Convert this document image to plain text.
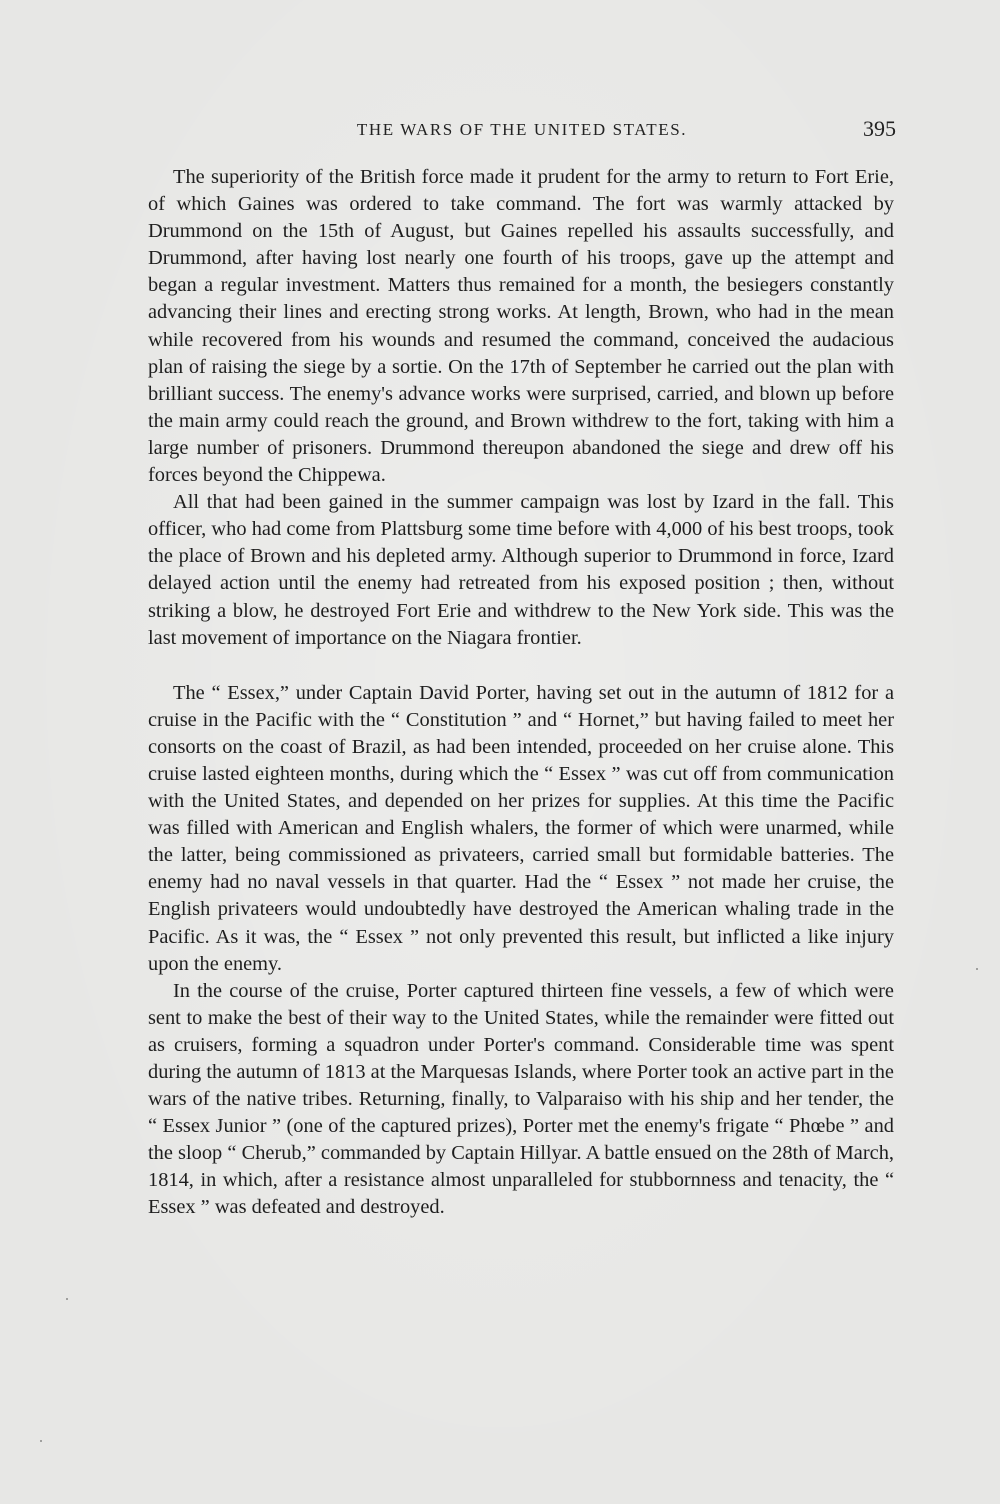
THE WARS OF THE UNITED STATES.	395

The superiority of the British force made it prudent for the army to return to Fort Erie, of which Gaines was ordered to take command. The fort was warmly attacked by Drummond on the 15th of August, but Gaines repelled his assaults successfully, and Drummond, after having lost nearly one fourth of his troops, gave up the attempt and began a regular investment. Matters thus remained for a month, the besiegers constantly advancing their lines and erecting strong works. At length, Brown, who had in the mean while recovered from his wounds and resumed the command, conceived the audacious plan of raising the siege by a sortie. On the 17th of September he carried out the plan with brilliant success. The enemy's advance works were surprised, carried, and blown up before the main army could reach the ground, and Brown withdrew to the fort, taking with him a large number of prisoners. Drummond thereupon abandoned the siege and drew off his forces beyond the Chippewa.

All that had been gained in the summer campaign was lost by Izard in the fall. This officer, who had come from Plattsburg some time before with 4,000 of his best troops, took the place of Brown and his depleted army. Although superior to Drummond in force, Izard delayed action until the enemy had retreated from his exposed position ; then, without striking a blow, he destroyed Fort Erie and withdrew to the New York side. This was the last movement of importance on the Niagara frontier.

The “ Essex,” under Captain David Porter, having set out in the autumn of 1812 for a cruise in the Pacific with the “ Constitution ” and “ Hornet,” but having failed to meet her consorts on the coast of Brazil, as had been intended, proceeded on her cruise alone. This cruise lasted eighteen months, during which the “ Essex ” was cut off from communication with the United States, and depended on her prizes for supplies. At this time the Pacific was filled with American and English whalers, the former of which were unarmed, while the latter, being commissioned as privateers, carried small but formidable batteries. The enemy had no naval vessels in that quarter. Had the “ Essex ” not made her cruise, the English privateers would undoubtedly have destroyed the American whaling trade in the Pacific. As it was, the “ Essex ” not only prevented this result, but inflicted a like injury upon the enemy.

In the course of the cruise, Porter captured thirteen fine vessels, a few of which were sent to make the best of their way to the United States, while the remainder were fitted out as cruisers, forming a squadron under Porter's command. Considerable time was spent during the autumn of 1813 at the Marquesas Islands, where Porter took an active part in the wars of the native tribes. Returning, finally, to Valparaiso with his ship and her tender, the “ Essex Junior ” (one of the captured prizes), Porter met the enemy's frigate “ Phœbe ” and the sloop “ Cherub,” commanded by Captain Hillyar. A battle ensued on the 28th of March, 1814, in which, after a resistance almost unparalleled for stubbornness and tenacity, the “ Essex ” was defeated and destroyed.
